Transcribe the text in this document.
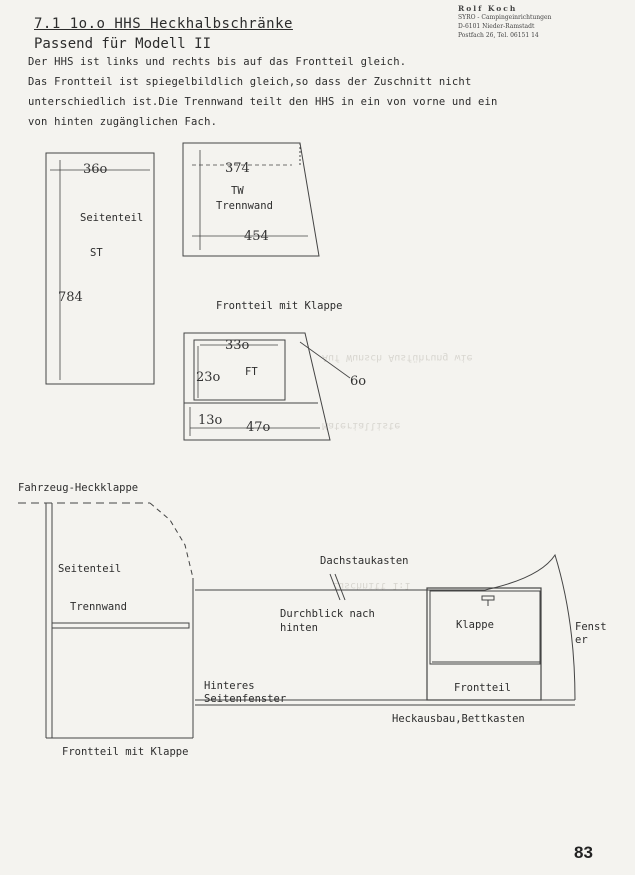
Auf Wunsch Ausführung wie
Materialliste
Zuschnitt 1:1
7.1 1o.o HHS Heckhalbschränke
Passend für Modell II
Rolf Koch
SYRO - Campingeinrichtungen
D-6101 Nieder-Ramstadt
Postfach 26, Tel. 06151 14
Der HHS ist links und rechts bis auf das Frontteil gleich.
Das Frontteil ist spiegelbildlich gleich,so dass der Zuschnitt nicht
unterschiedlich ist.Die Trennwand teilt den HHS in ein von vorne und ein
von hinten zugänglichen Fach.
36o
Seitenteil
ST
784
374
TW
Trennwand
454
Frontteil mit Klappe
33o
23o FT
13o 47o
6o
Fahrzeug-Heckklappe
Seitenteil
Trennwand
Frontteil mit Klappe
Dachstaukasten
Durchblick nach
hinten	Klappe	Fenst
er
Frontteil
Hinteres
Seitenfenster
Heckausbau,Bettkasten
83
